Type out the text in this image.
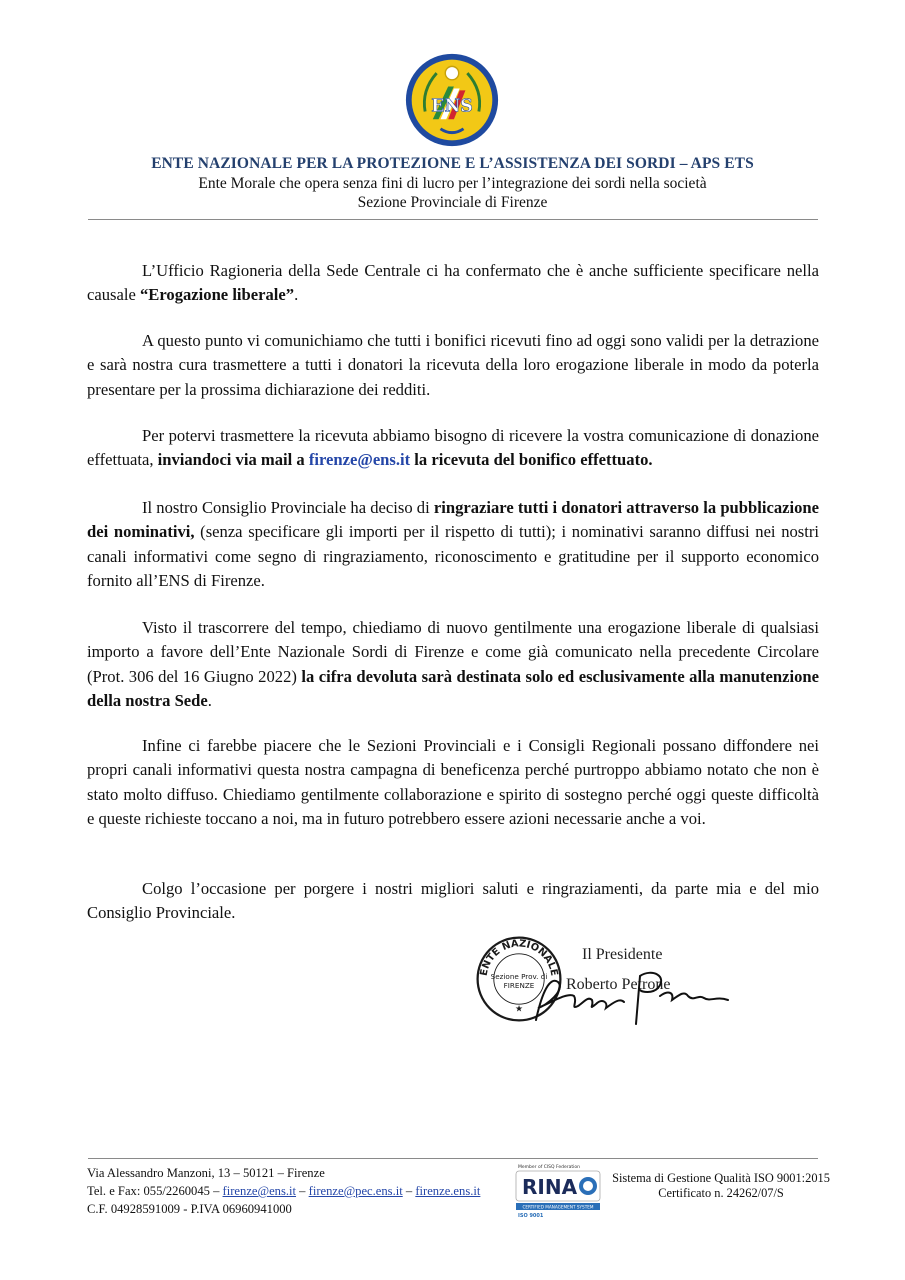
ENS
ENTE NAZIONALE PER LA PROTEZIONE E L’ASSISTENZA DEI SORDI – APS ETS
Ente Morale che opera senza fini di lucro per l’integrazione dei sordi nella società
Sezione Provinciale di Firenze

L’Ufficio Ragioneria della Sede Centrale ci ha confermato che è anche sufficiente specificare nella causale “Erogazione liberale”.

A questo punto vi comunichiamo che tutti i bonifici ricevuti fino ad oggi sono validi per la detrazione e sarà nostra cura trasmettere a tutti i donatori la ricevuta della loro erogazione liberale in modo da poterla presentare per la prossima dichiarazione dei redditi.

Per potervi trasmettere la ricevuta abbiamo bisogno di ricevere la vostra comunicazione di donazione effettuata, inviandoci via mail a firenze@ens.it la ricevuta del bonifico effettuato.

Il nostro Consiglio Provinciale ha deciso di ringraziare tutti i donatori attraverso la pubblicazione dei nominativi, (senza specificare gli importi per il rispetto di tutti); i nominativi saranno diffusi nei nostri canali informativi come segno di ringraziamento, riconoscimento e gratitudine per il supporto economico fornito all’ENS di Firenze.

Visto il trascorrere del tempo, chiediamo di nuovo gentilmente una erogazione liberale di qualsiasi importo a favore dell’Ente Nazionale Sordi di Firenze e come già comunicato nella precedente Circolare (Prot. 306 del 16 Giugno 2022) la cifra devoluta sarà destinata solo ed esclusivamente alla manutenzione della nostra Sede.

Infine ci farebbe piacere che le Sezioni Provinciali e i Consigli Regionali possano diffondere nei propri canali informativi questa nostra campagna di beneficenza perché purtroppo abbiamo notato che non è stato molto diffuso. Chiediamo gentilmente collaborazione e spirito di sostegno perché oggi queste difficoltà e queste richieste toccano a noi, ma in futuro potrebbero essere azioni necessarie anche a voi.

Colgo l’occasione per porgere i nostri migliori saluti e ringraziamenti, da parte mia e del mio Consiglio Provinciale.

ENTE NAZIONALE
Sezione Prov. di
FIRENZE
★
Il Presidente
Roberto Petrone
Via Alessandro Manzoni, 13 – 50121 – Firenze
Tel. e Fax: 055/2260045 – firenze@ens.it – firenze@pec.ens.it – firenze.ens.it
C.F. 04928591009 - P.IVA 06960941000
Member of CISQ Federation
RINA
CERTIFIED MANAGEMENT SYSTEM
ISO 9001
Sistema di Gestione Qualità ISO 9001:2015
Certificato n. 24262/07/S
